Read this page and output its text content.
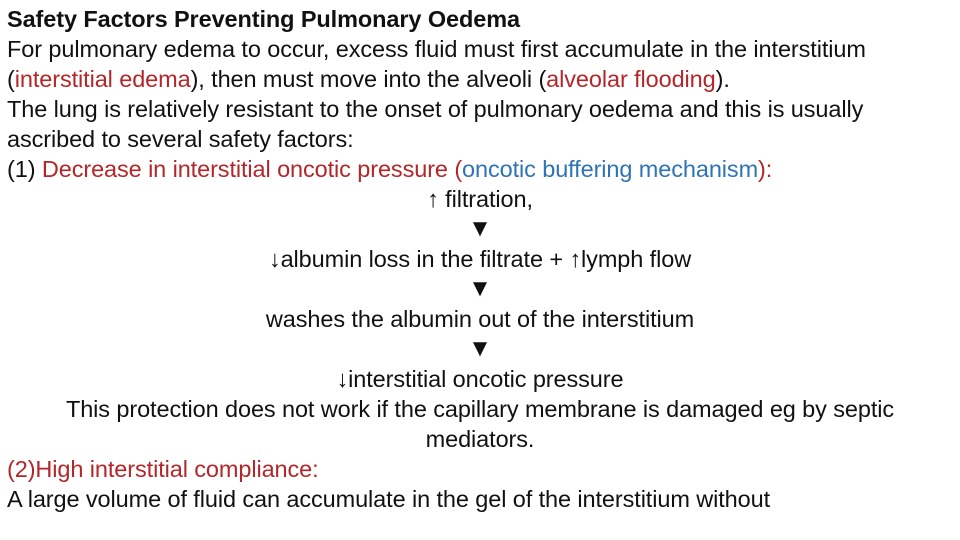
Safety Factors Preventing Pulmonary Oedema
For pulmonary edema to occur, excess fluid must first accumulate in the interstitium (interstitial edema), then must move into the alveoli (alveolar flooding).
The lung is relatively resistant to the onset of pulmonary oedema and this is usually ascribed to several safety factors:
(1) Decrease in interstitial oncotic pressure (oncotic buffering mechanism):
↑ filtration,
▼
↓albumin loss in the filtrate + ↑lymph flow
▼
washes the albumin out of the interstitium
▼
↓interstitial oncotic pressure
This protection does not work if the capillary membrane is damaged eg by septic mediators.
(2)High interstitial compliance:
A large volume of fluid can accumulate in the gel of the interstitium without
